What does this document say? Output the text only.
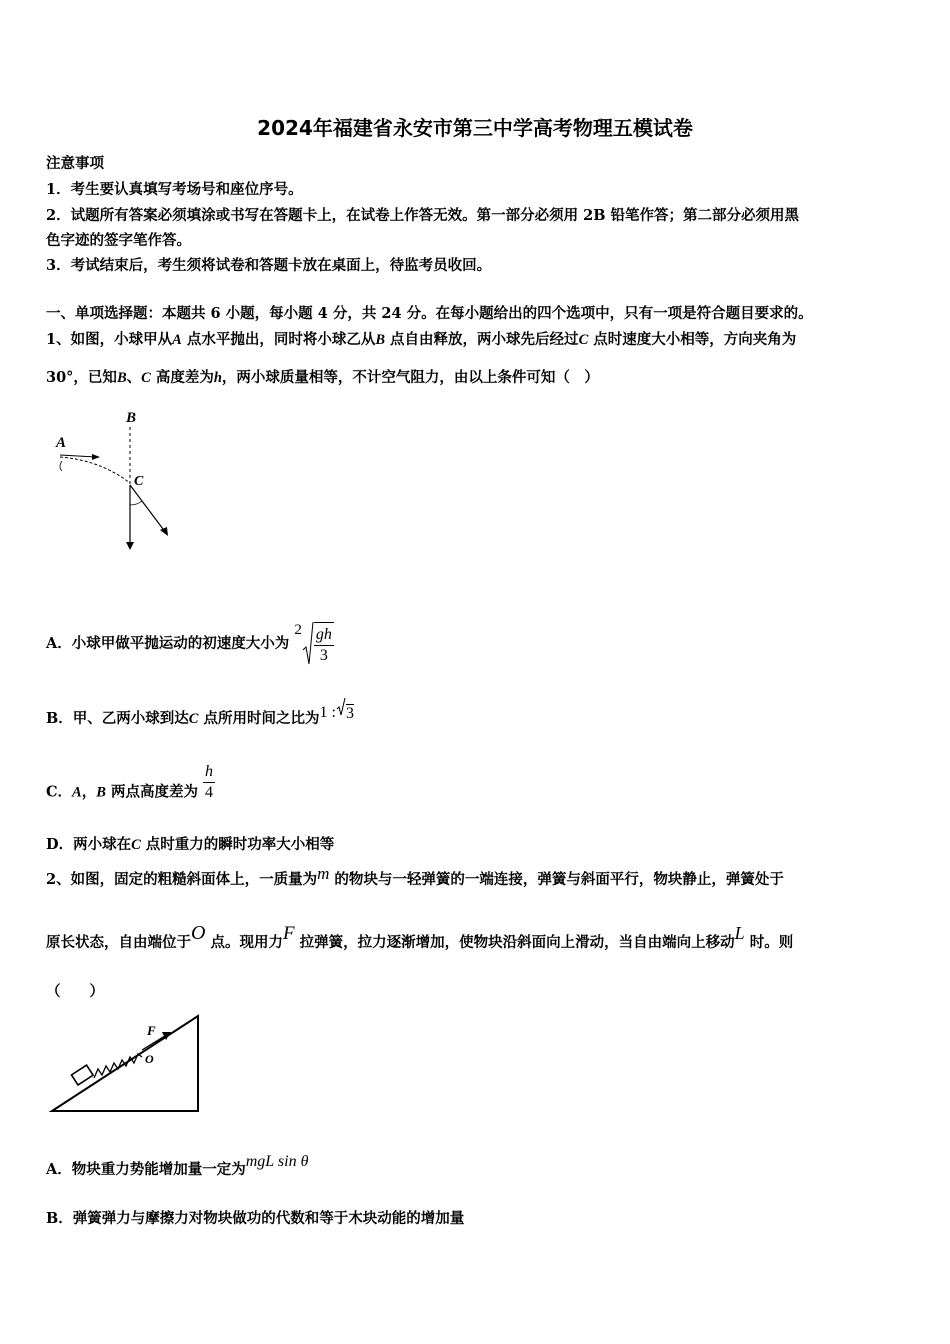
2024年福建省永安市第三中学高考物理五模试卷
注意事项
1．考生要认真填写考场号和座位序号。
2．试题所有答案必须填涂或书写在答题卡上，在试卷上作答无效。第一部分必须用 2B 铅笔作答；第二部分必须用黑
色字迹的签字笔作答。
3．考试结束后，考生须将试卷和答题卡放在桌面上，待监考员收回。
一、单项选择题：本题共 6 小题，每小题 4 分，共 24 分。在每小题给出的四个选项中，只有一项是符合题目要求的。
1、如图，小球甲从A 点水平抛出，同时将小球乙从B 点自由释放，两小球先后经过C 点时速度大小相等，方向夹角为
30°，已知B、C 高度差为h，两小球质量相等，不计空气阻力，由以上条件可知（　）
B
A
C
A．小球甲做平抛运动的初速度大小为 $2 \frac{gh}{3}$
B．甲、乙两小球到达C 点所用时间之比为1 :3
C．A，B 两点高度差为 $\frac{h}{4}$
D．两小球在C 点时重力的瞬时功率大小相等
2、如图，固定的粗糙斜面体上，一质量为m 的物块与一轻弹簧的一端连接，弹簧与斜面平行，物块静止，弹簧处于
原长状态，自由端位于O 点。现用力F 拉弹簧，拉力逐渐增加，使物块沿斜面向上滑动，当自由端向上移动L 时。则
（　　）
F
O
A．物块重力势能增加量一定为mgL sin θ
B．弹簧弹力与摩擦力对物块做功的代数和等于木块动能的增加量
